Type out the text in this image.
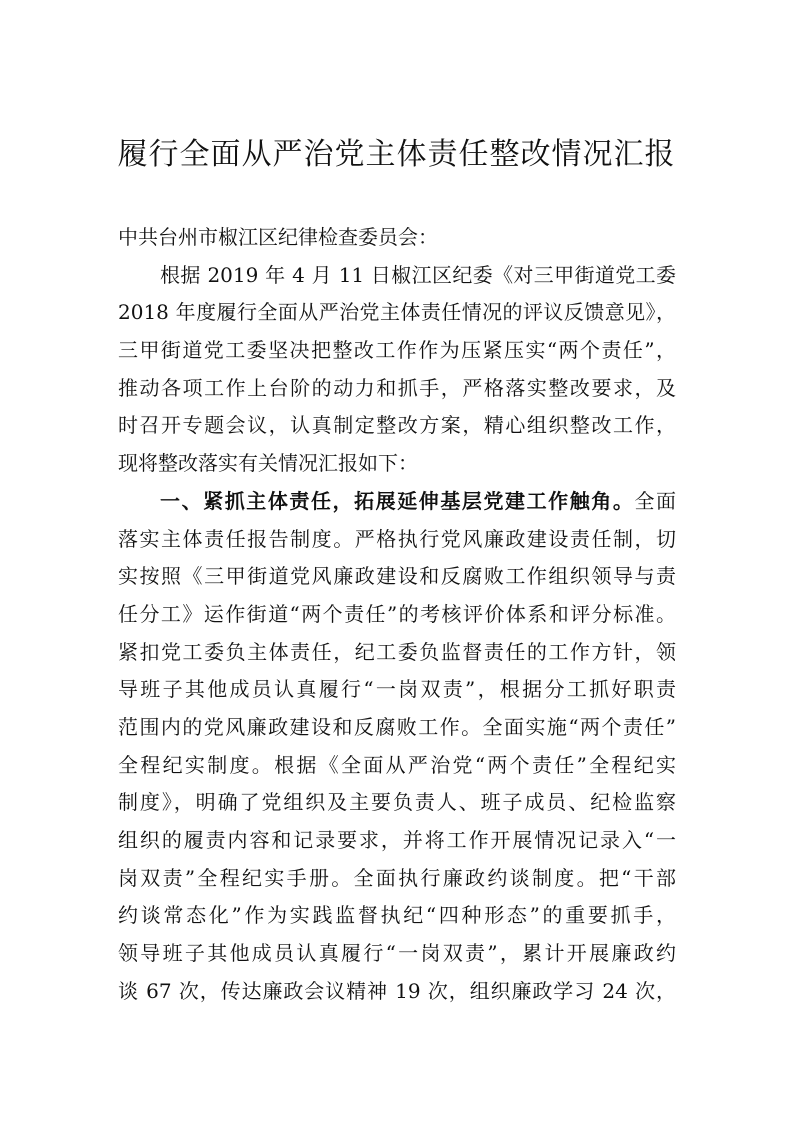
履行全面从严治党主体责任整改情况汇报
中共台州市椒江区纪律检查委员会：
根据 2019 年 4 月 11 日椒江区纪委《对三甲街道党工委
2018 年度履行全面从严治党主体责任情况的评议反馈意见》，
三甲街道党工委坚决把整改工作作为压紧压实“两个责任”，
推动各项工作上台阶的动力和抓手，严格落实整改要求，及
时召开专题会议，认真制定整改方案，精心组织整改工作，
现将整改落实有关情况汇报如下：
一、紧抓主体责任，拓展延伸基层党建工作触角。全面
落实主体责任报告制度。严格执行党风廉政建设责任制，切
实按照《三甲街道党风廉政建设和反腐败工作组织领导与责
任分工》运作街道“两个责任”的考核评价体系和评分标准。
紧扣党工委负主体责任，纪工委负监督责任的工作方针，领
导班子其他成员认真履行“一岗双责”，根据分工抓好职责
范围内的党风廉政建设和反腐败工作。全面实施“两个责任”
全程纪实制度。根据《全面从严治党“两个责任”全程纪实
制度》，明确了党组织及主要负责人、班子成员、纪检监察
组织的履责内容和记录要求，并将工作开展情况记录入“一
岗双责”全程纪实手册。全面执行廉政约谈制度。把“干部
约谈常态化”作为实践监督执纪“四种形态”的重要抓手，
领导班子其他成员认真履行“一岗双责”，累计开展廉政约
谈 67 次，传达廉政会议精神 19 次，组织廉政学习 24 次，
